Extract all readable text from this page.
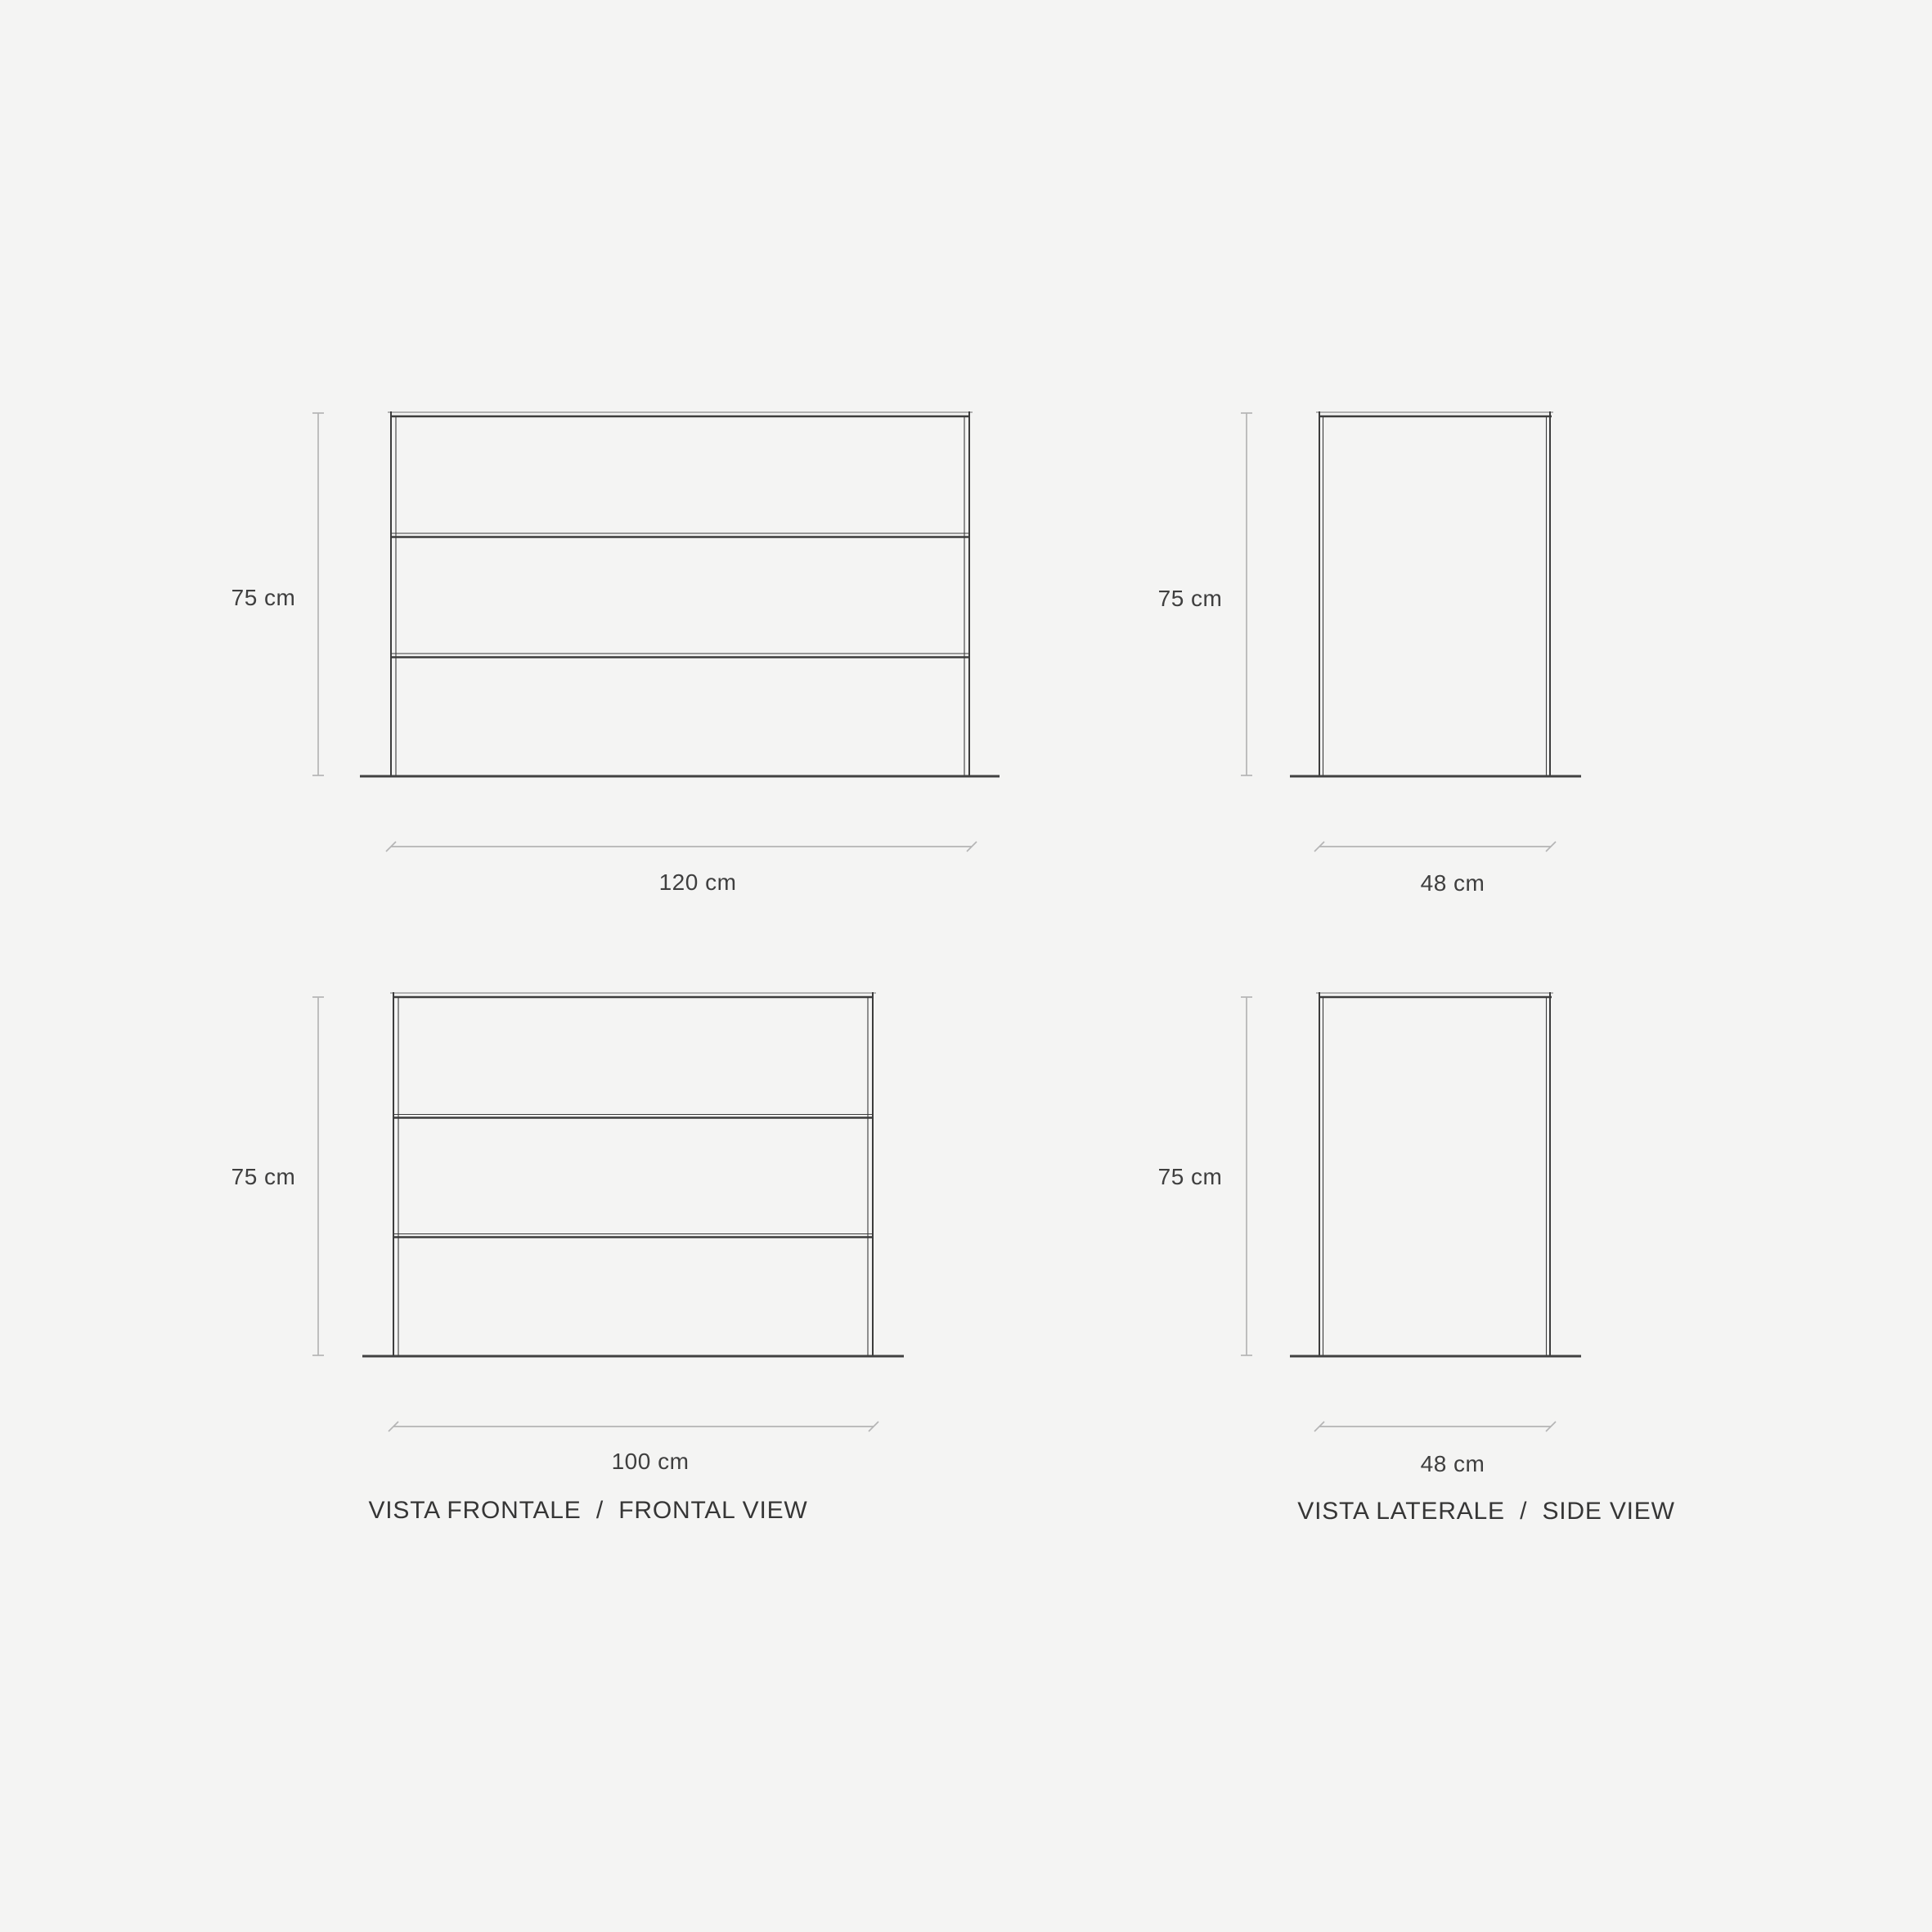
75 cm
120 cm
75 cm
48 cm
75 cm
100 cm
75 cm
48 cm
VISTA FRONTALE  /  FRONTAL VIEW	VISTA LATERALE  /  SIDE VIEW
